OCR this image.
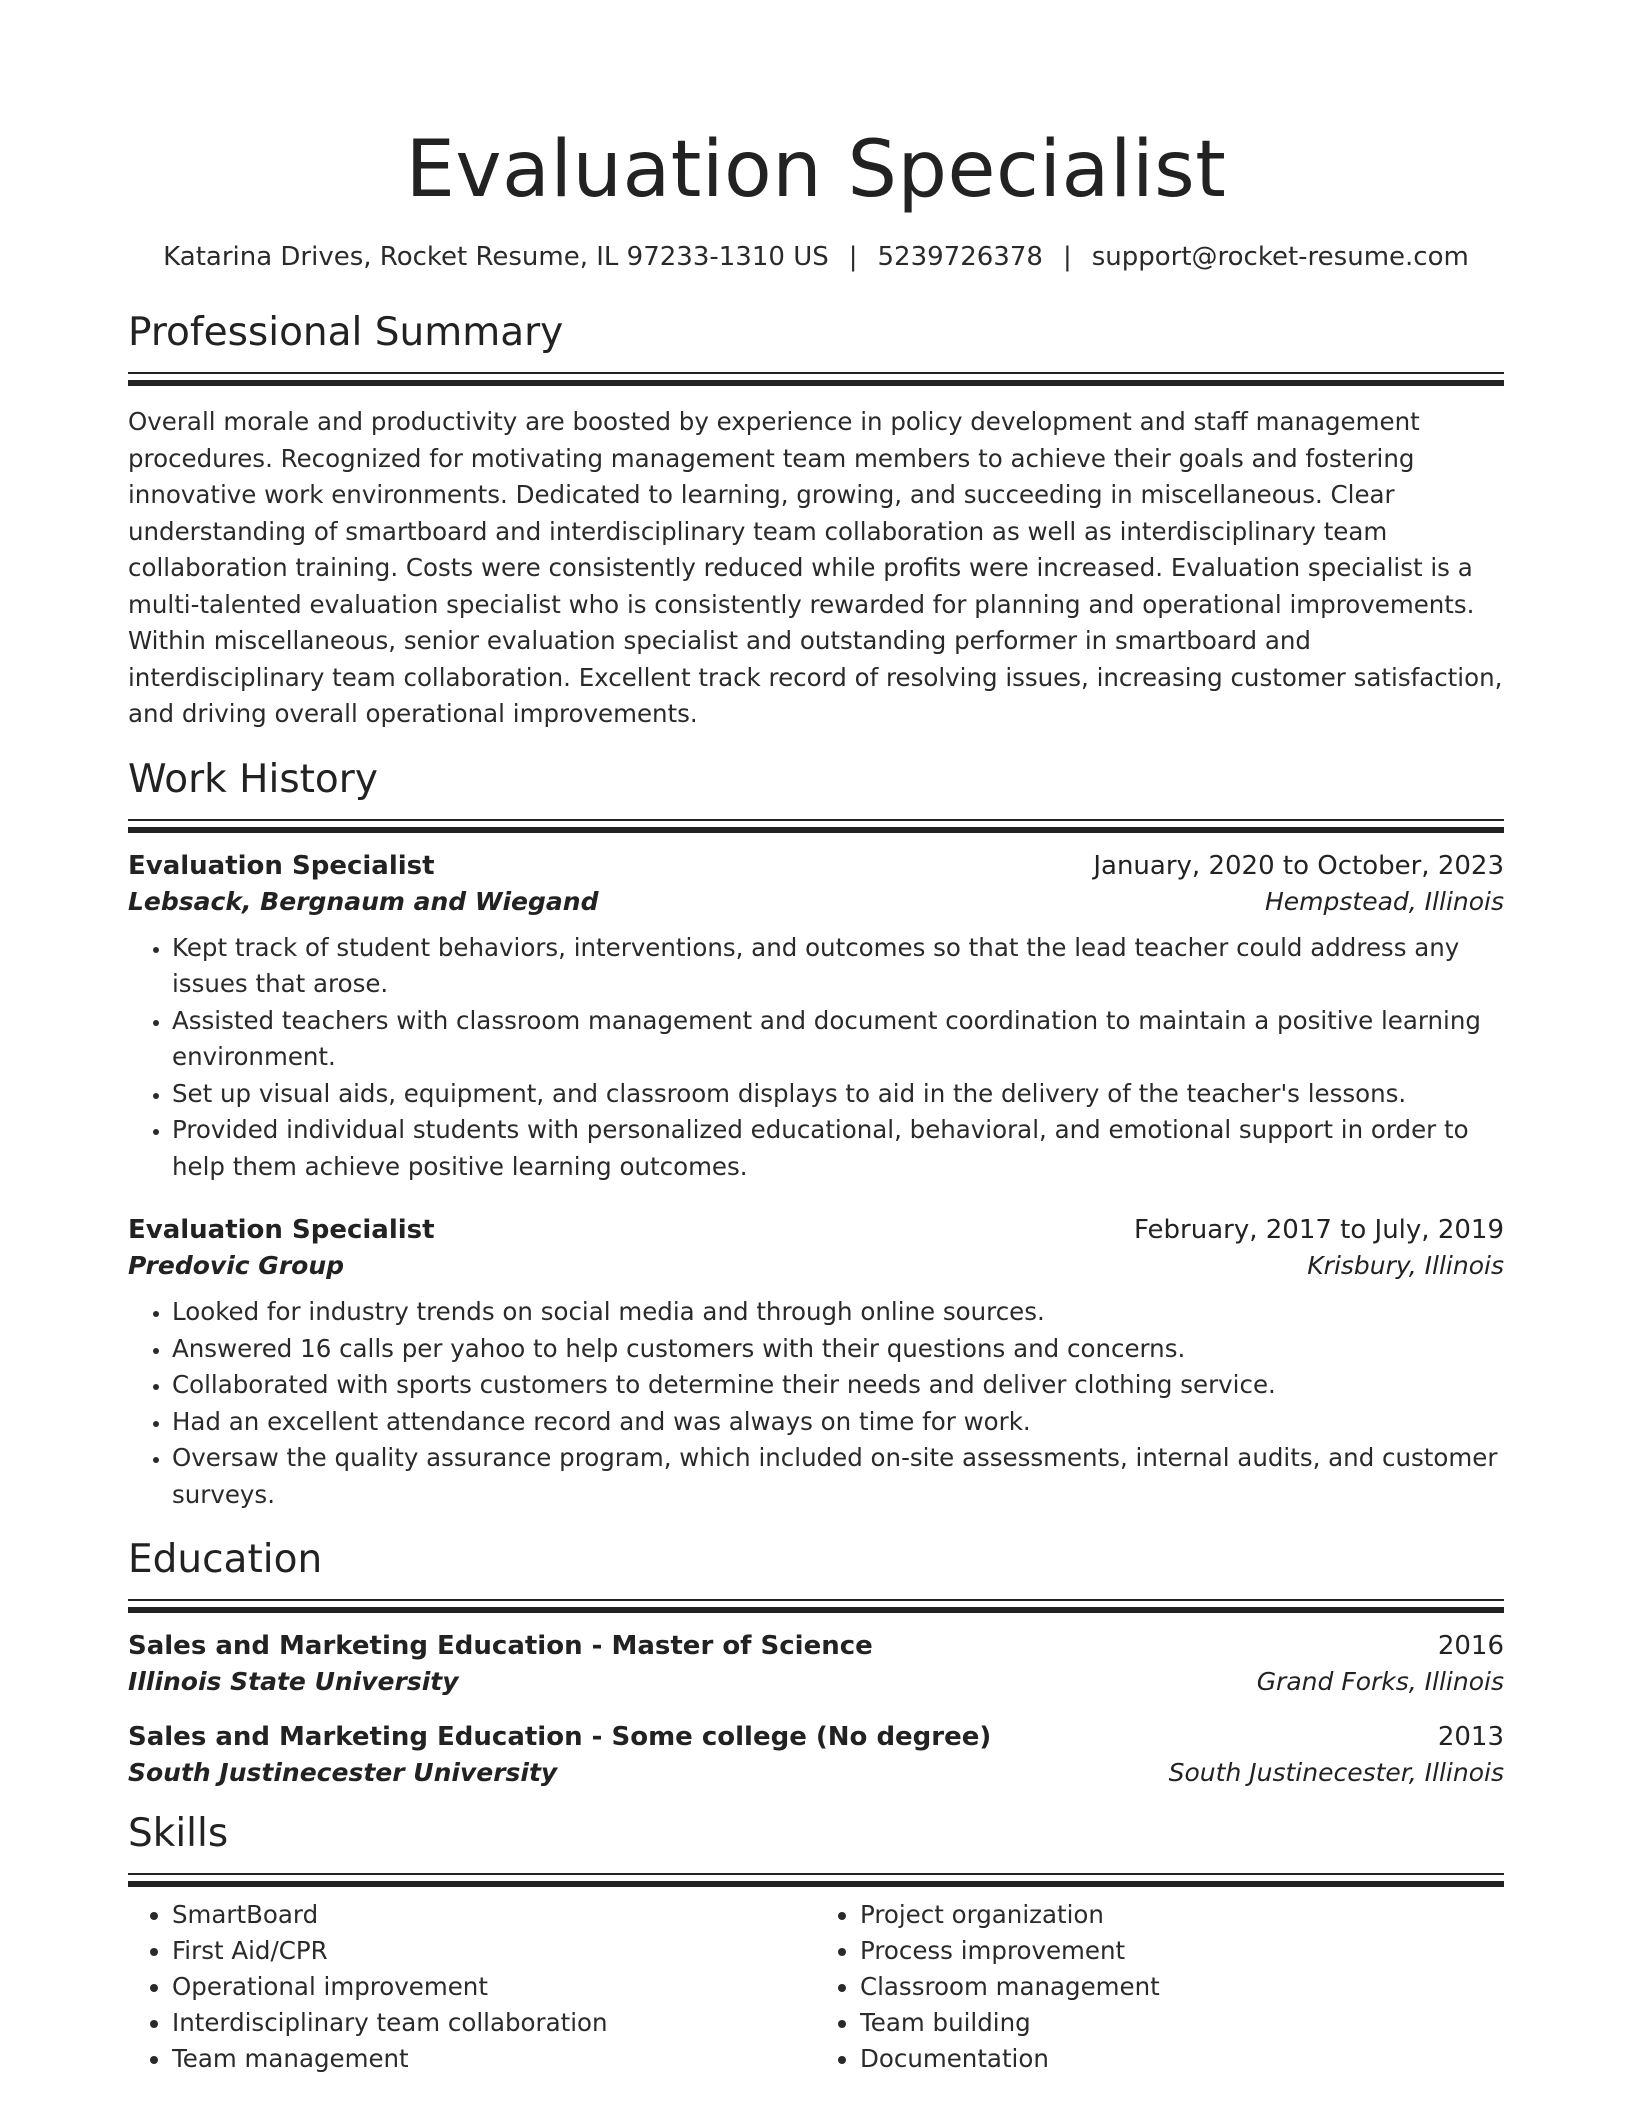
Evaluation Specialist
Katarina Drives, Rocket Resume, IL 97233-1310 US | 5239726378 | support@rocket-resume.com
Professional Summary

Overall morale and productivity are boosted by experience in policy development and staff management procedures. Recognized for motivating management team members to achieve their goals and fostering innovative work environments. Dedicated to learning, growing, and succeeding in miscellaneous. Clear understanding of smartboard and interdisciplinary team collaboration as well as interdisciplinary team collaboration training. Costs were consistently reduced while profits were increased. Evaluation specialist is a multi-talented evaluation specialist who is consistently rewarded for planning and operational improvements. Within miscellaneous, senior evaluation specialist and outstanding performer in smartboard and interdisciplinary team collaboration. Excellent track record of resolving issues, increasing customer satisfaction, and driving overall operational improvements.

Work History
Evaluation Specialist	January, 2020 to October, 2023
Lebsack, Bergnaum and Wiegand	Hempstead, Illinois
• Kept track of student behaviors, interventions, and outcomes so that the lead teacher could address any issues that arose.
• Assisted teachers with classroom management and document coordination to maintain a positive learning environment.
• Set up visual aids, equipment, and classroom displays to aid in the delivery of the teacher's lessons.
• Provided individual students with personalized educational, behavioral, and emotional support in order to help them achieve positive learning outcomes.
Evaluation Specialist	February, 2017 to July, 2019
Predovic Group	Krisbury, Illinois
• Looked for industry trends on social media and through online sources.
• Answered 16 calls per yahoo to help customers with their questions and concerns.
• Collaborated with sports customers to determine their needs and deliver clothing service.
• Had an excellent attendance record and was always on time for work.
• Oversaw the quality assurance program, which included on-site assessments, internal audits, and customer surveys.
Education
Sales and Marketing Education - Master of Science	2016
Illinois State University	Grand Forks, Illinois
Sales and Marketing Education - Some college (No degree)	2013
South Justinecester University	South Justinecester, Illinois
Skills
• SmartBoard
• First Aid/CPR
• Operational improvement
• Interdisciplinary team collaboration
• Team management
• Project organization
• Process improvement
• Classroom management
• Team building
• Documentation
